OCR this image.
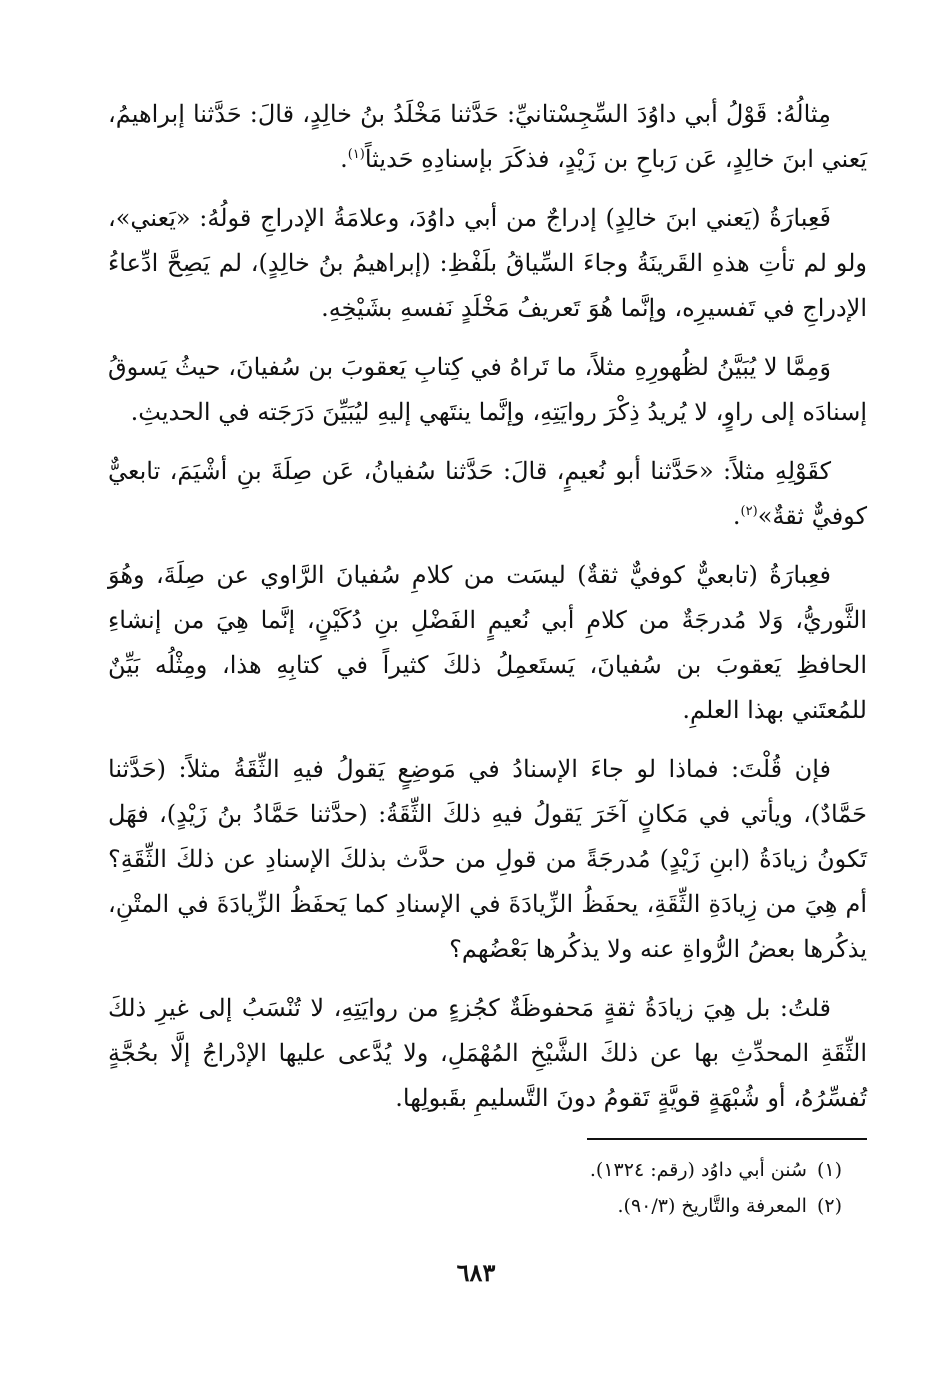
مِثالُهُ: قَوْلُ أبي داوُدَ السِّجِسْتانيِّ: حَدَّثنا مَخْلَدُ بنُ خالِدٍ، قالَ: حَدَّثنا إبراهيمُ، يَعني ابنَ خالِدٍ، عَن رَباحِ بن زَيْدٍ، فذكَرَ بإسنادِهِ حَديثاً$^{(١)}$.

فَعِبارَةُ (يَعني ابنَ خالِدٍ) إدراجٌ من أبي داوُدَ، وعلامَةُ الإدراجِ قولُهُ: «يَعني»، ولو لم تأتِ هذهِ القَرينَةُ وجاءَ السِّياقُ بلَفْظِ: (إبراهيمُ بنُ خالِدٍ)، لم يَصِحَّ ادِّعاءُ الإدراجِ في تَفسيرِه، وإنَّما هُوَ تَعريفُ مَخْلَدٍ نَفسهِ بشَيْخِهِ.

وَمِمَّا لا يُبَيَّنُ لظُهورِهِ مثلاً، ما تَراهُ في كِتابِ يَعقوبَ بن سُفيانَ، حيثُ يَسوقُ إسنادَه إلى راوٍ، لا يُريدُ ذِكْرَ روايَتِهِ، وإنَّما ينتَهي إليهِ ليُبَيِّنَ دَرَجَته في الحديثِ.

كقَوْلِهِ مثلاً: «حَدَّثنا أبو نُعيمٍ، قالَ: حَدَّثنا سُفيانُ، عَن صِلَةَ بنِ أشْيَمَ، تابعيٌّ كوفيٌّ ثقةٌ»$^{(٢)}$.

فعِبارَةُ (تابعيٌّ كوفيٌّ ثقةٌ) ليسَت من كلامِ سُفيانَ الرَّاوي عن صِلَةَ، وهُوَ الثَّوريُّ، وَلا مُدرجَةٌ من كلامِ أبي نُعيمٍ الفَضْلِ بنِ دُكَيْنٍ، إنَّما هِيَ من إنشاءِ الحافظِ يَعقوبَ بن سُفيانَ، يَستَعمِلُ ذلكَ كثيراً في كتابِهِ هذا، ومِثْلُه بَيِّنٌ للمُعتَني بهذا العلمِ.

فإن قُلْتَ: فماذا لو جاءَ الإسنادُ في مَوضِعٍ يَقولُ فيهِ الثِّقَةُ مثلاً: (حَدَّثنا حَمَّادٌ)، ويأتي في مَكانٍ آخَرَ يَقولُ فيهِ ذلكَ الثِّقَةُ: (حدَّثنا حَمَّادُ بنُ زَيْدٍ)، فهَل تَكونُ زيادَةُ (ابنِ زَيْدٍ) مُدرجَةً من قولِ من حدَّث بذلكَ الإسنادِ عن ذلكَ الثِّقَةِ؟ أم هِيَ من زِيادَةِ الثِّقَةِ، يحفَظُ الزِّيادَةَ في الإسنادِ كما يَحفَظُ الزِّيادَةَ في المتْنِ، يذكُرها بعضُ الرُّواةِ عنه ولا يذكُرها بَعْضُهم؟

قلتُ: بل هِيَ زيادَةُ ثقةٍ مَحفوظَةٌ كجُزءٍ من روايَتِهِ، لا تُنْسَبُ إلى غيرِ ذلكَ الثِّقَةِ المحدِّثِ بها عن ذلكَ الشَّيْخِ المُهْمَلِ، ولا يُدَّعى عليها الإدْراجُ إلَّا بحُجَّةٍ تُفسِّرُهُ، أو شُبْهَةٍ قويَّةٍ تَقومُ دونَ التَّسليمِ بقَبولِها.

(١)سُنن أبي داوُد (رقم: ١٣٢٤).

(٢)المعرفة والتَّاريخ (٩٠/٣).

٦٨٣
